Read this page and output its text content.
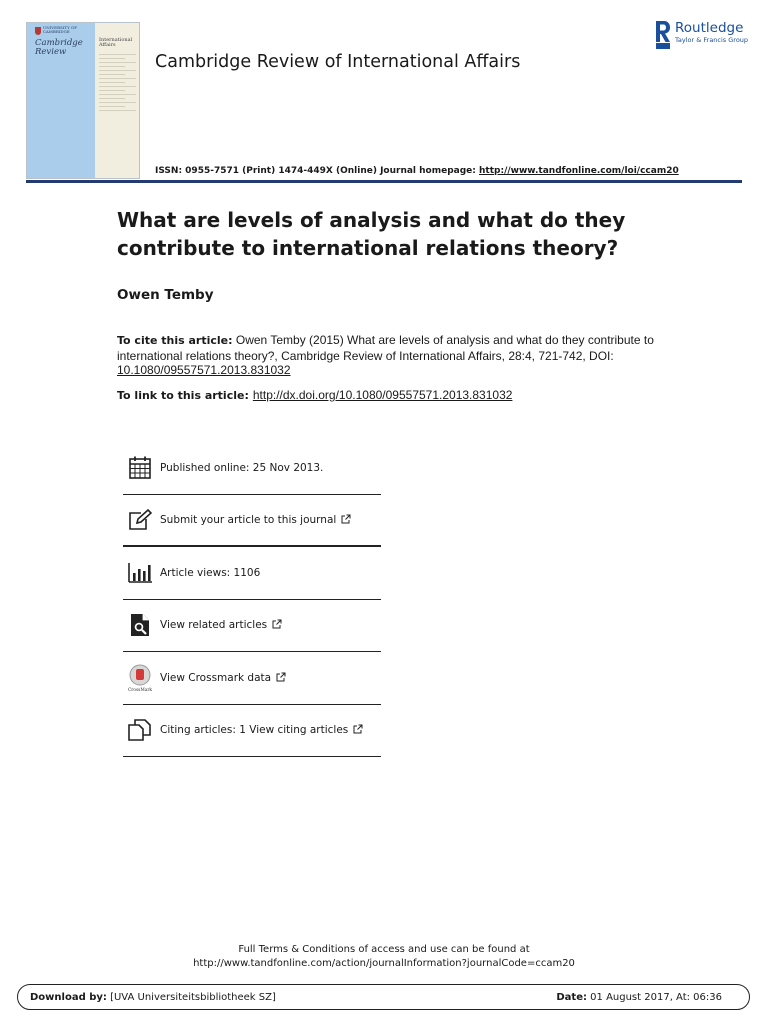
UNIVERSITY OF CAMBRIDGE
Cambridge
Review

International
Affairs
Cambridge Review of International Affairs
Routledge
Taylor & Francis Group
ISSN: 0955-7571 (Print) 1474-449X (Online) Journal homepage: http://www.tandfonline.com/loi/ccam20
What are levels of analysis and what do they contribute to international relations theory?
Owen Temby
To cite this article: Owen Temby (2015) What are levels of analysis and what do they contribute to international relations theory?, Cambridge Review of International Affairs, 28:4, 721-742, DOI: 10.1080/09557571.2013.831032
To link to this article: http://dx.doi.org/10.1080/09557571.2013.831032
Published online: 25 Nov 2013.
Submit your article to this journal
Article views: 1106
View related articles
CrossMark
View Crossmark data
Citing articles: 1 View citing articles
Full Terms & Conditions of access and use can be found at
http://www.tandfonline.com/action/journalInformation?journalCode=ccam20
Download by: [UVA Universiteitsbibliotheek SZ]	Date: 01 August 2017, At: 06:36
